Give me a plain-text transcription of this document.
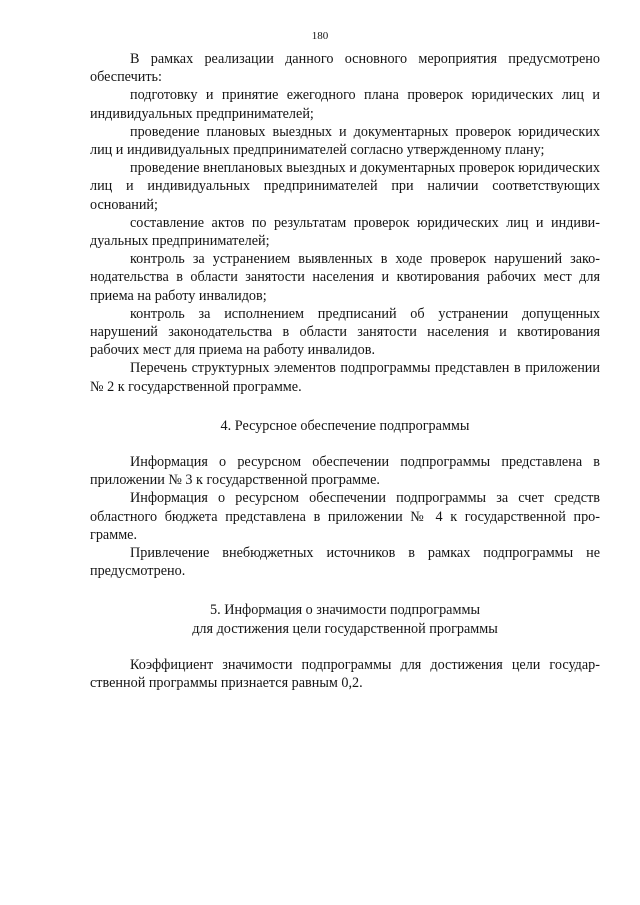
180

В рамках реализации данного основного мероприятия предусмотрено обеспечить:

подготовку и принятие ежегодного плана проверок юридических лиц и индивидуальных предпринимателей;

проведение плановых выездных и документарных проверок юридических лиц и индивидуальных предпринимателей согласно утвержденному плану;

проведение внеплановых выездных и документарных проверок юридических лиц и индивидуальных предпринимателей при наличии соответствующих оснований;

составление актов по результатам проверок юридических лиц и индивидуальных предпринимателей;

контроль за устранением выявленных в ходе проверок нарушений законодательства в области занятости населения и квотирования рабочих мест для приема на работу инвалидов;

контроль за исполнением предписаний об устранении допущенных нарушений законодательства в области занятости населения и квотирования рабочих мест для приема на работу инвалидов.

Перечень структурных элементов подпрограммы представлен в приложении № 2 к государственной программе.

4. Ресурсное обеспечение подпрограммы

Информация о ресурсном обеспечении подпрограммы представлена в приложении № 3 к государственной программе.

Информация о ресурсном обеспечении подпрограммы за счет средств областного бюджета представлена в приложении № 4 к государственной программе.

Привлечение внебюджетных источников в рамках подпрограммы не предусмотрено.

5. Информация о значимости подпрограммы
для достижения цели государственной программы

Коэффициент значимости подпрограммы для достижения цели государственной программы признается равным 0,2.
